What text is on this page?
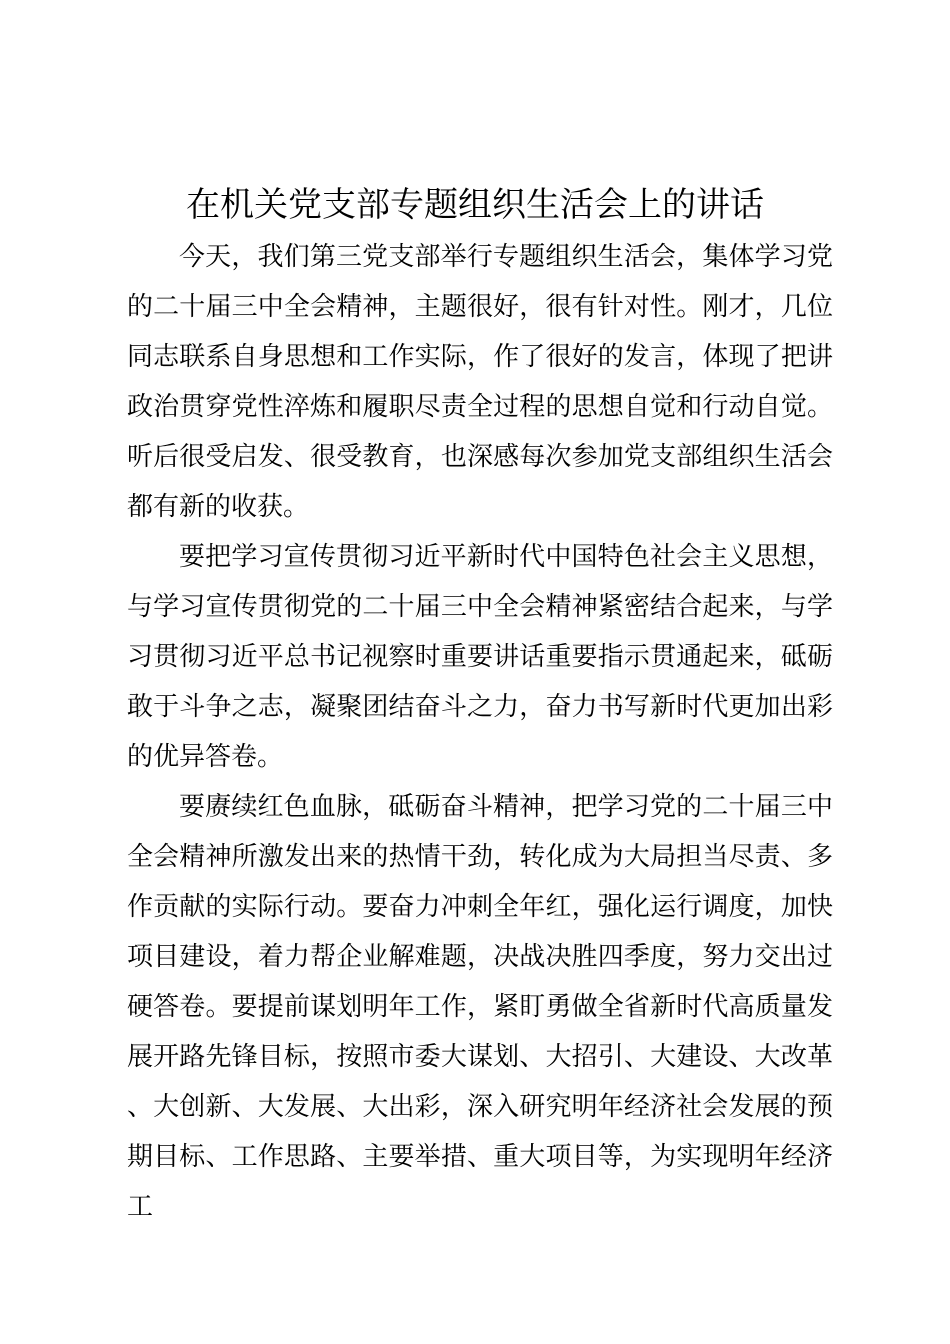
在机关党支部专题组织生活会上的讲话

今天，我们第三党支部举行专题组织生活会，集体学习党的二十届三中全会精神，主题很好，很有针对性。刚才，几位同志联系自身思想和工作实际，作了很好的发言，体现了把讲政治贯穿党性淬炼和履职尽责全过程的思想自觉和行动自觉。听后很受启发、很受教育，也深感每次参加党支部组织生活会都有新的收获。

要把学习宣传贯彻习近平新时代中国特色社会主义思想，与学习宣传贯彻党的二十届三中全会精神紧密结合起来，与学习贯彻习近平总书记视察时重要讲话重要指示贯通起来，砥砺敢于斗争之志，凝聚团结奋斗之力，奋力书写新时代更加出彩的优异答卷。

要赓续红色血脉，砥砺奋斗精神，把学习党的二十届三中全会精神所激发出来的热情干劲，转化成为大局担当尽责、多作贡献的实际行动。要奋力冲刺全年红，强化运行调度，加快项目建设，着力帮企业解难题，决战决胜四季度，努力交出过硬答卷。要提前谋划明年工作，紧盯勇做全省新时代高质量发展开路先锋目标，按照市委大谋划、大招引、大建设、大改革、大创新、大发展、大出彩，深入研究明年经济社会发展的预期目标、工作思路、主要举措、重大项目等，为实现明年经济工
